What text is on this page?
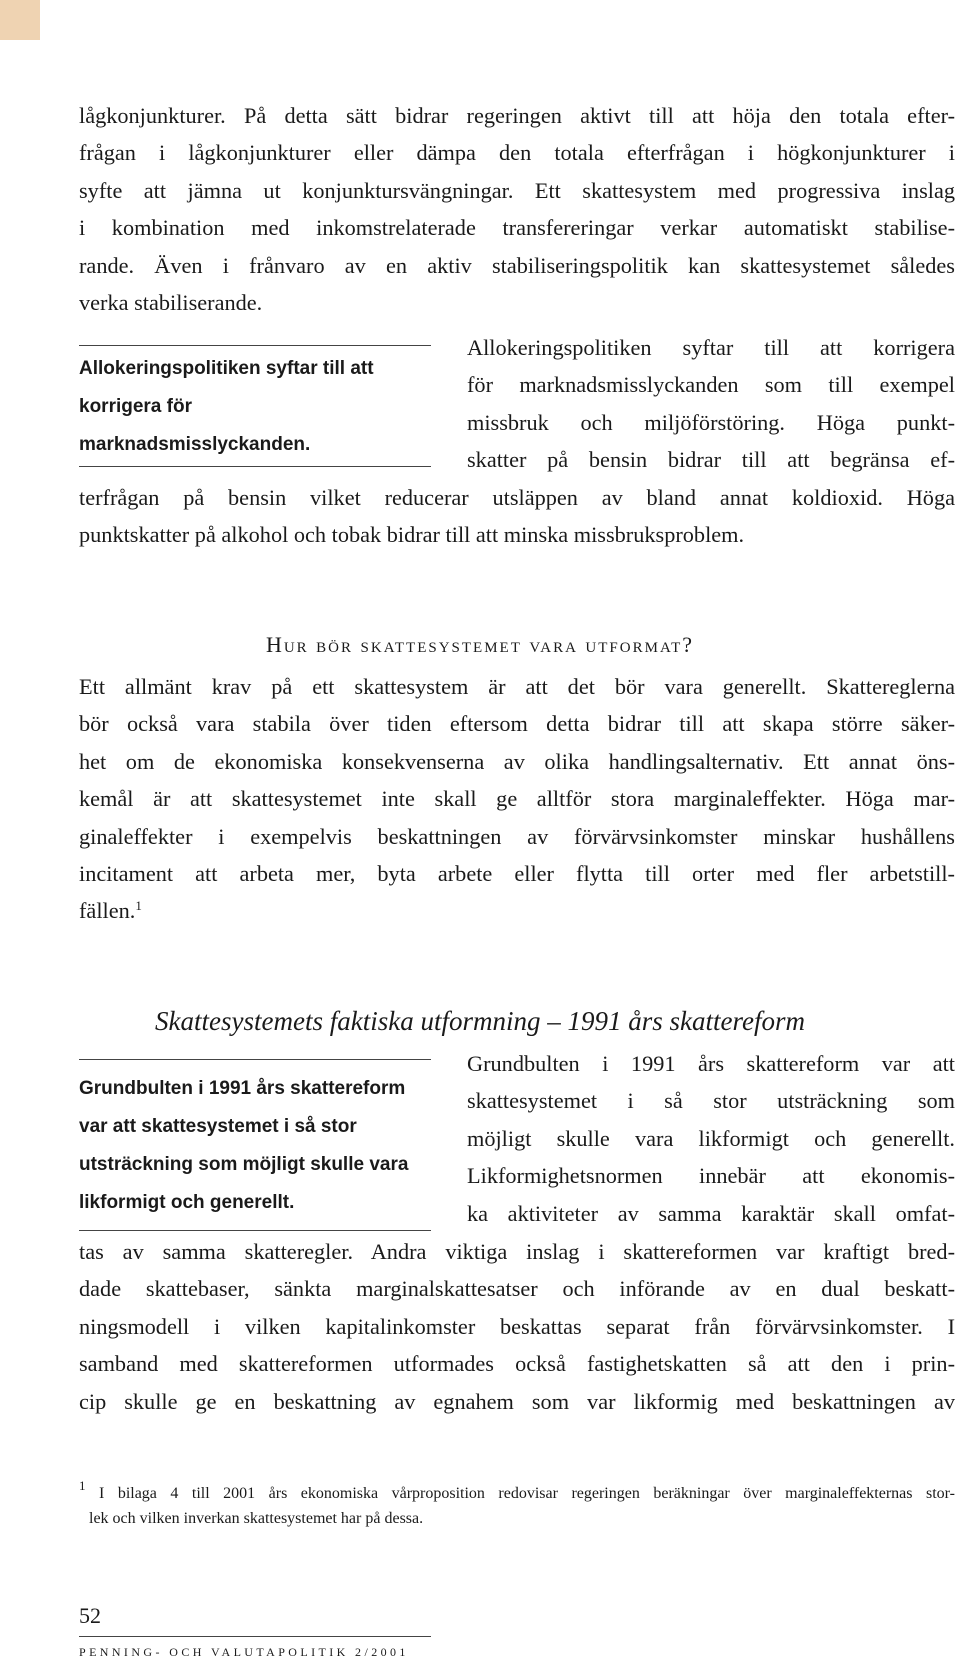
lågkonjunkturer. På detta sätt bidrar regeringen aktivt till att höja den totala efter-
frågan i lågkonjunkturer eller dämpa den totala efterfrågan i högkonjunkturer i
syfte att jämna ut konjunktursvängningar. Ett skattesystem med progressiva inslag
i kombination med inkomstrelaterade transfereringar verkar automatiskt stabilise-
rande. Även i frånvaro av en aktiv stabiliseringspolitik kan skattesystemet således
verka stabiliserande.
Allokeringspolitiken syftar till att
korrigera för
marknadsmisslyckanden.
Allokeringspolitiken syftar till att korrigera
för marknadsmisslyckanden som till exempel
missbruk och miljöförstöring. Höga punkt-
skatter på bensin bidrar till att begränsa ef-
terfrågan på bensin vilket reducerar utsläppen av bland annat koldioxid. Höga
punktskatter på alkohol och tobak bidrar till att minska missbruksproblem.
Hur bör skattesystemet vara utformat?
Ett allmänt krav på ett skattesystem är att det bör vara generellt. Skattereglerna
bör också vara stabila över tiden eftersom detta bidrar till att skapa större säker-
het om de ekonomiska konsekvenserna av olika handlingsalternativ. Ett annat öns-
kemål är att skattesystemet inte skall ge alltför stora marginaleffekter. Höga mar-
ginaleffekter i exempelvis beskattningen av förvärvsinkomster minskar hushållens
incitament att arbeta mer, byta arbete eller flytta till orter med fler arbetstill-
fällen.$^1$
Skattesystemets faktiska utformning – 1991 års skattereform
Grundbulten i 1991 års skattereform
var att skattesystemet i så stor
utsträckning som möjligt skulle vara
likformigt och generellt.
Grundbulten i 1991 års skattereform var att
skattesystemet i så stor utsträckning som
möjligt skulle vara likformigt och generellt.
Likformighetsnormen innebär att ekonomis-
ka aktiviteter av samma karaktär skall omfat-
tas av samma skatteregler. Andra viktiga inslag i skattereformen var kraftigt bred-
dade skattebaser, sänkta marginalskattesatser och införande av en dual beskatt-
ningsmodell i vilken kapitalinkomster beskattas separat från förvärvsinkomster. I
samband med skattereformen utformades också fastighetskatten så att den i prin-
cip skulle ge en beskattning av egnahem som var likformig med beskattningen av
$^1$ I bilaga 4 till 2001 års ekonomiska vårproposition redovisar regeringen beräkningar över marginaleffekternas stor-
lek och vilken inverkan skattesystemet har på dessa.
52
PENNING- OCH VALUTAPOLITIK 2/2001
